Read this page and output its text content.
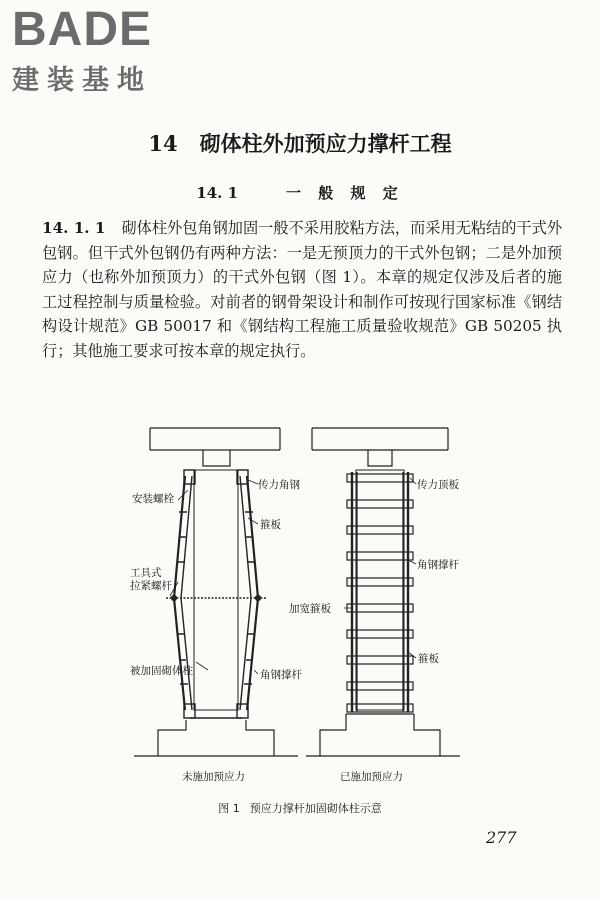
BADE
建装基地
14 砌体柱外加预应力撑杆工程
14. 1	一 般 规 定
14. 1. 1 砌体柱外包角钢加固一般不采用胶粘方法，而采用无粘结的干式外包钢。但干式外包钢仍有两种方法：一是无预顶力的干式外包钢；二是外加预应力（也称外加预顶力）的干式外包钢（图 1）。本章的规定仅涉及后者的施工过程控制与质量检验。对前者的钢骨架设计和制作可按现行国家标准《钢结构设计规范》GB 50017 和《钢结构工程施工质量验收规范》GB 50205 执行；其他施工要求可按本章的规定执行。
安装螺栓
传力角钢
箍板
工具式
拉紧螺杆
被加固砌体柱	角钢撑杆
传力顶板
角钢撑杆
加宽箍板
箍板
未施加预应力	已施加预应力
图 1 预应力撑杆加固砌体柱示意
277
